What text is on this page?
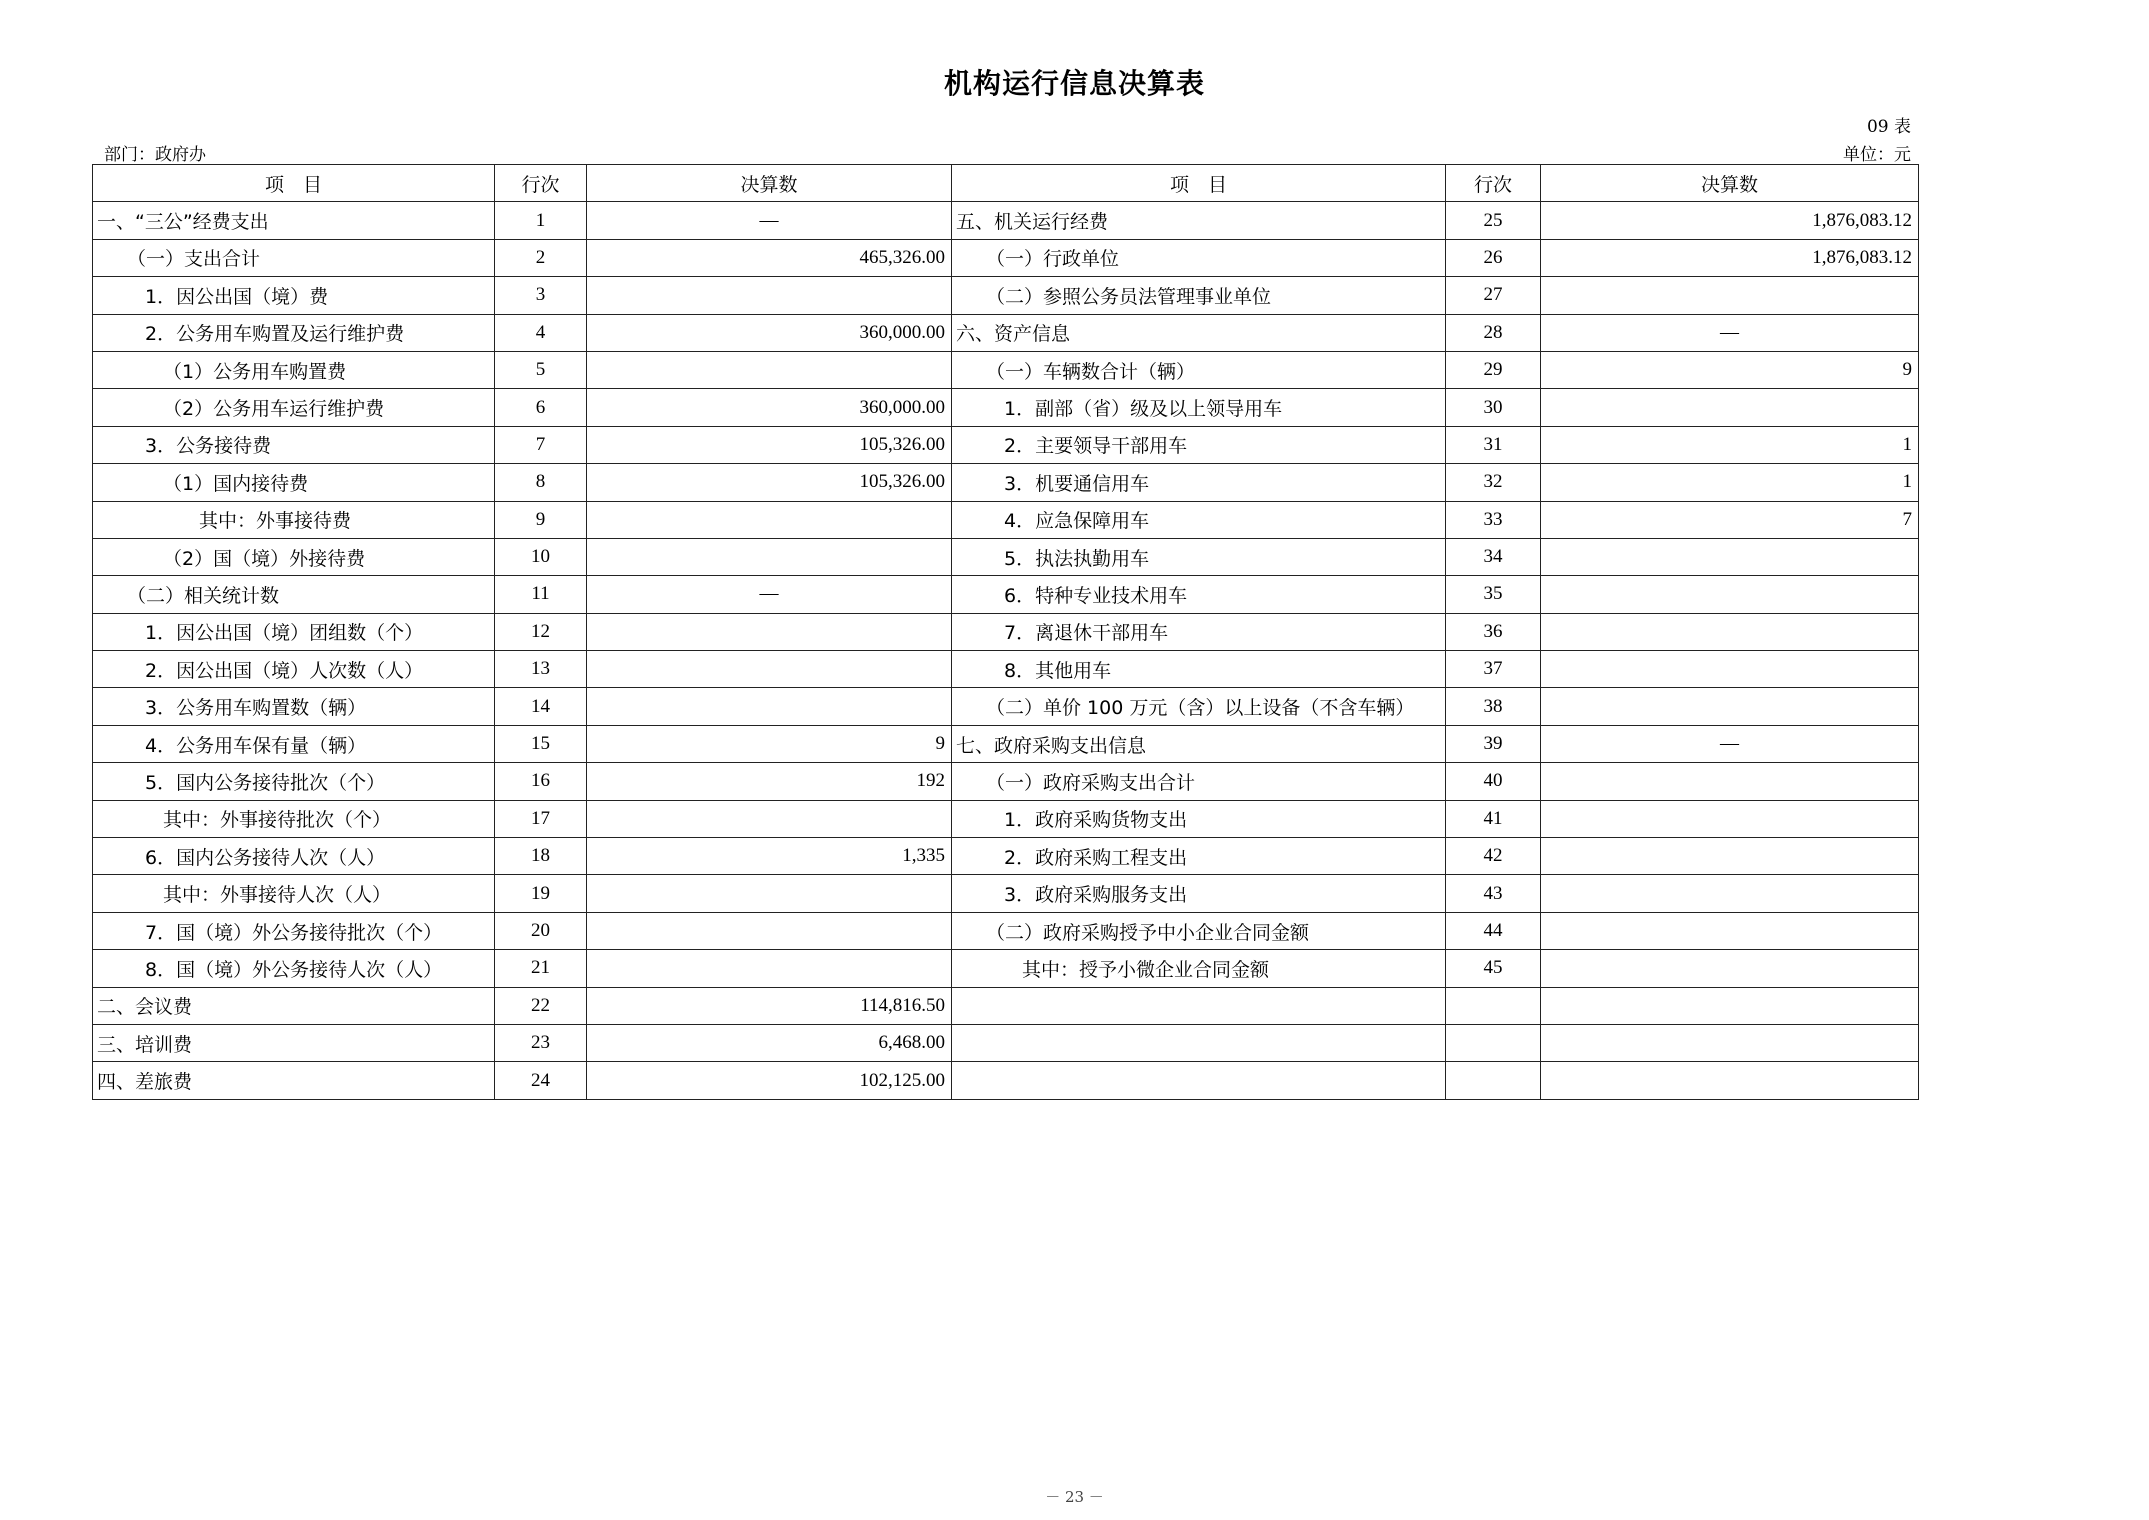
机构运行信息决算表
09 表
部门：政府办	单位：元
项　目	行次	决算数	项　目	行次	决算数
一、“三公”经费支出	1	—	五、机关运行经费	25	1,876,083.12
（一）支出合计	2	465,326.00	（一）行政单位	26	1,876,083.12
1．因公出国（境）费	3		（二）参照公务员法管理事业单位	27	
2．公务用车购置及运行维护费	4	360,000.00	六、资产信息	28	—
（1）公务用车购置费	5		（一）车辆数合计（辆）	29	9
（2）公务用车运行维护费	6	360,000.00	1．副部（省）级及以上领导用车	30	
3．公务接待费	7	105,326.00	2．主要领导干部用车	31	1
（1）国内接待费	8	105,326.00	3．机要通信用车	32	1
其中：外事接待费	9		4．应急保障用车	33	7
（2）国（境）外接待费	10		5．执法执勤用车	34	
（二）相关统计数	11	—	6．特种专业技术用车	35	
1．因公出国（境）团组数（个）	12		7．离退休干部用车	36	
2．因公出国（境）人次数（人）	13		8．其他用车	37	
3．公务用车购置数（辆）	14		（二）单价 100 万元（含）以上设备（不含车辆）	38	
4．公务用车保有量（辆）	15	9	七、政府采购支出信息	39	—
5．国内公务接待批次（个）	16	192	（一）政府采购支出合计	40	
其中：外事接待批次（个）	17		1．政府采购货物支出	41	
6．国内公务接待人次（人）	18	1,335	2．政府采购工程支出	42	
其中：外事接待人次（人）	19		3．政府采购服务支出	43	
7．国（境）外公务接待批次（个）	20		（二）政府采购授予中小企业合同金额	44	
8．国（境）外公务接待人次（人）	21		其中：授予小微企业合同金额	45	
二、会议费	22	114,816.50			
三、培训费	23	6,468.00			
四、差旅费	24	102,125.00			
－ 23 －
